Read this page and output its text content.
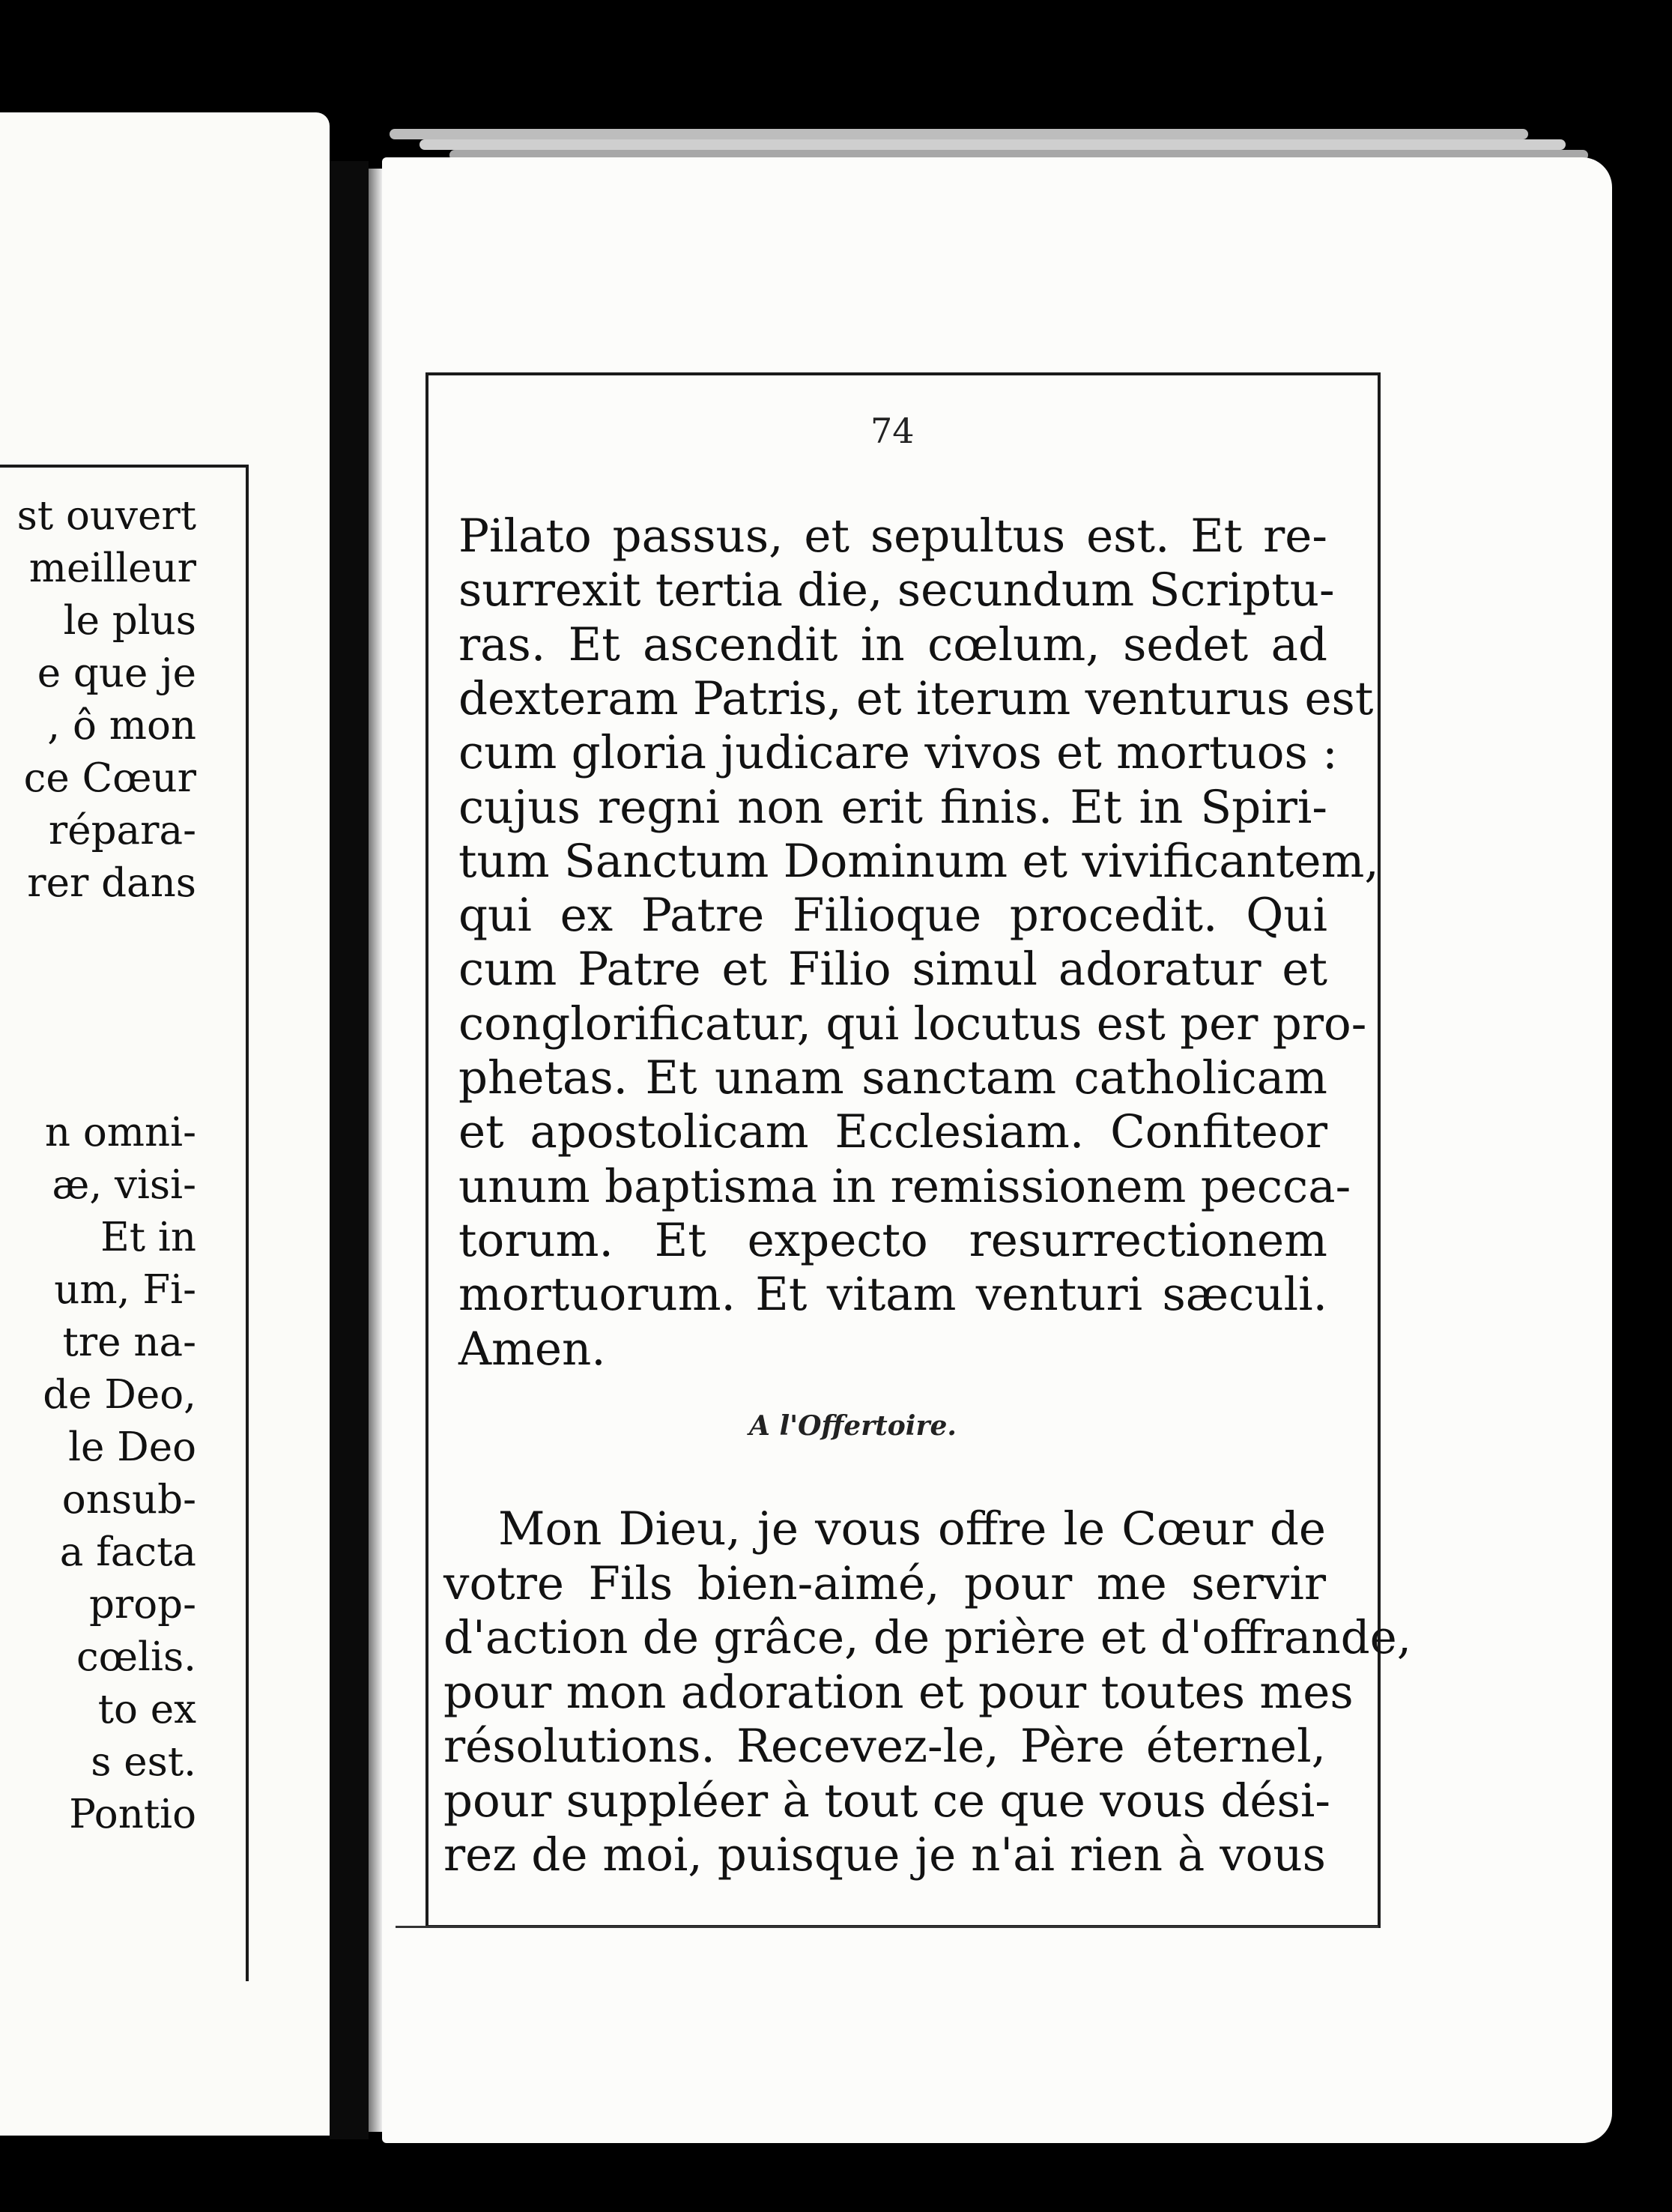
st ouvert
meilleur
le plus
e que je
, ô mon
ce Cœur
répara-
rer dans
n omni-
æ, visi-
Et in
um, Fi-
tre na-
de Deo,
le Deo
onsub-
a facta
prop-
cœlis.
to ex
s est.
Pontio
74
Pilato passus, et sepultus est. Et re-
surrexit tertia die, secundum Scriptu-
ras. Et ascendit in cœlum, sedet ad
dexteram Patris, et iterum venturus est
cum gloria judicare vivos et mortuos :
cujus regni non erit finis. Et in Spiri-
tum Sanctum Dominum et vivificantem,
qui ex Patre Filioque procedit. Qui
cum Patre et Filio simul adoratur et
conglorificatur, qui locutus est per pro-
phetas. Et unam sanctam catholicam
et apostolicam Ecclesiam. Confiteor
unum baptisma in remissionem pecca-
torum. Et expecto resurrectionem
mortuorum. Et vitam venturi sæculi.
Amen.
A l'Offertoire.
Mon Dieu, je vous offre le Cœur de
votre Fils bien-aimé, pour me servir
d'action de grâce, de prière et d'offrande,
pour mon adoration et pour toutes mes
résolutions. Recevez-le, Père éternel,
pour suppléer à tout ce que vous dési-
rez de moi, puisque je n'ai rien à vous
